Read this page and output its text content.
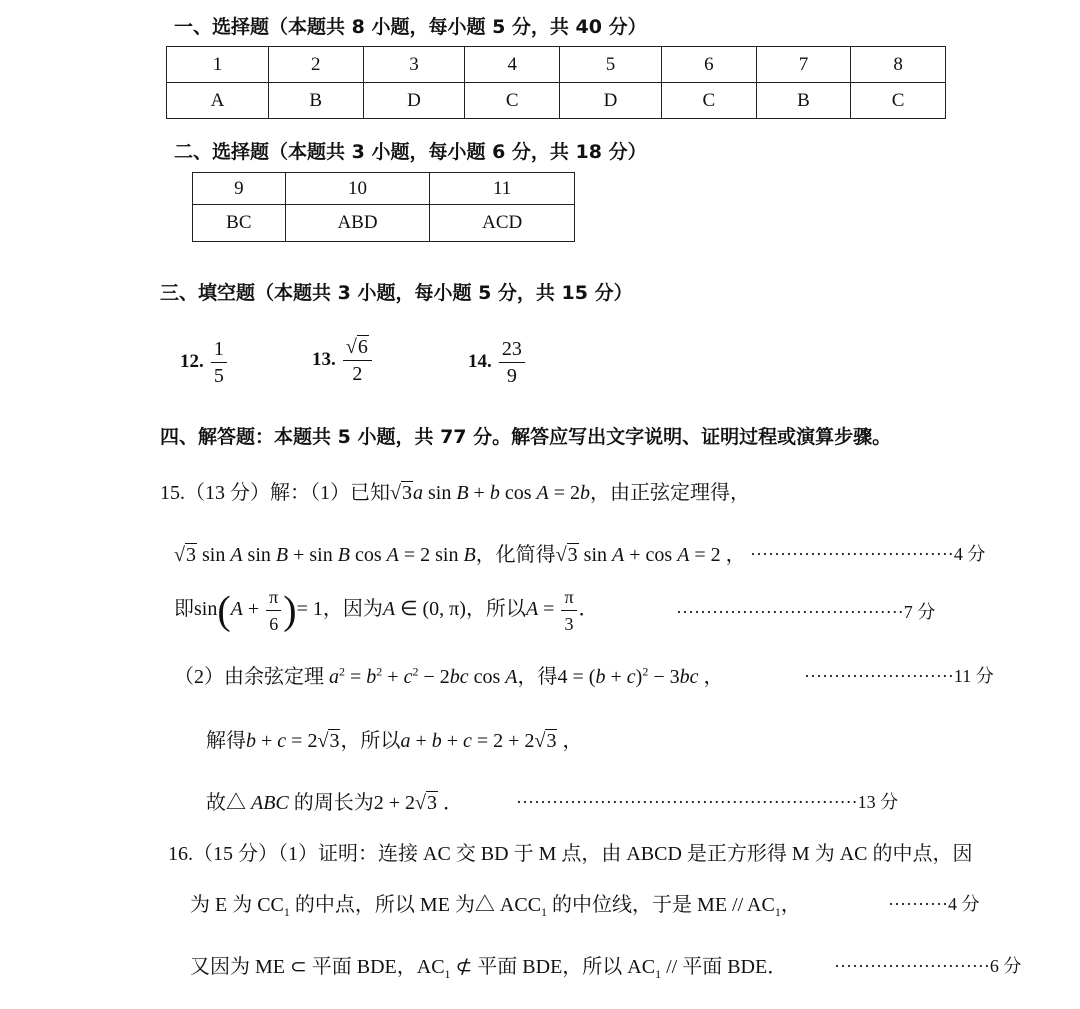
一、选择题（本题共 8 小题，每小题 5 分，共 40 分）
1	2	3	4	5	6	7	8
A	B	D	C	D	C	B	C
二、选择题（本题共 3 小题，每小题 6 分，共 18 分）
9	10	11
BC	ABD	ACD
三、填空题（本题共 3 小题，每小题 5 分，共 15 分）
12. $\frac{1}{5}$	13. $\frac{√6}{2}$	14. $\frac{23}{9}$
四、解答题：本题共 5 小题，共 77 分。解答应写出文字说明、证明过程或演算步骤。
15.（13 分）解：（1）已知√3a sin B + b cos A = 2b，由正弦定理得，
√3 sin A sin B + sin B cos A = 2 sin B，化简得√3 sin A + cos A = 2 ， ··································4 分
即$\sin(A + \frac{\pi}{6}$ )= 1，因为A ∈ (0, π)，所以$A = \frac{\pi}{3}$ ．	······································7 分
（2）由余弦定理 $a^2 = b^2 + c^2 - 2bc$ cos A，得$4 = (b + c)^2 - 3bc$ ，	·························11 分
解得b + c = 2√3，所以a + b + c = 2 + 2√3 ，
故△ ABC 的周长为2 + 2√3 ．	·························································13 分
16.（15 分）（1）证明：连接 AC 交 BD 于 M 点，由 ABCD 是正方形得 M 为 AC 的中点，因
为 E 为 $CC_1$ 的中点，所以 ME 为△ $ACC_1$ 的中位线，于是 ME // $AC_1$，	··········4 分
又因为 ME ⊂ 平面 BDE，$AC_1$ ⊄ 平面 BDE，所以 $AC_1$ // 平面 BDE．	··························6 分
